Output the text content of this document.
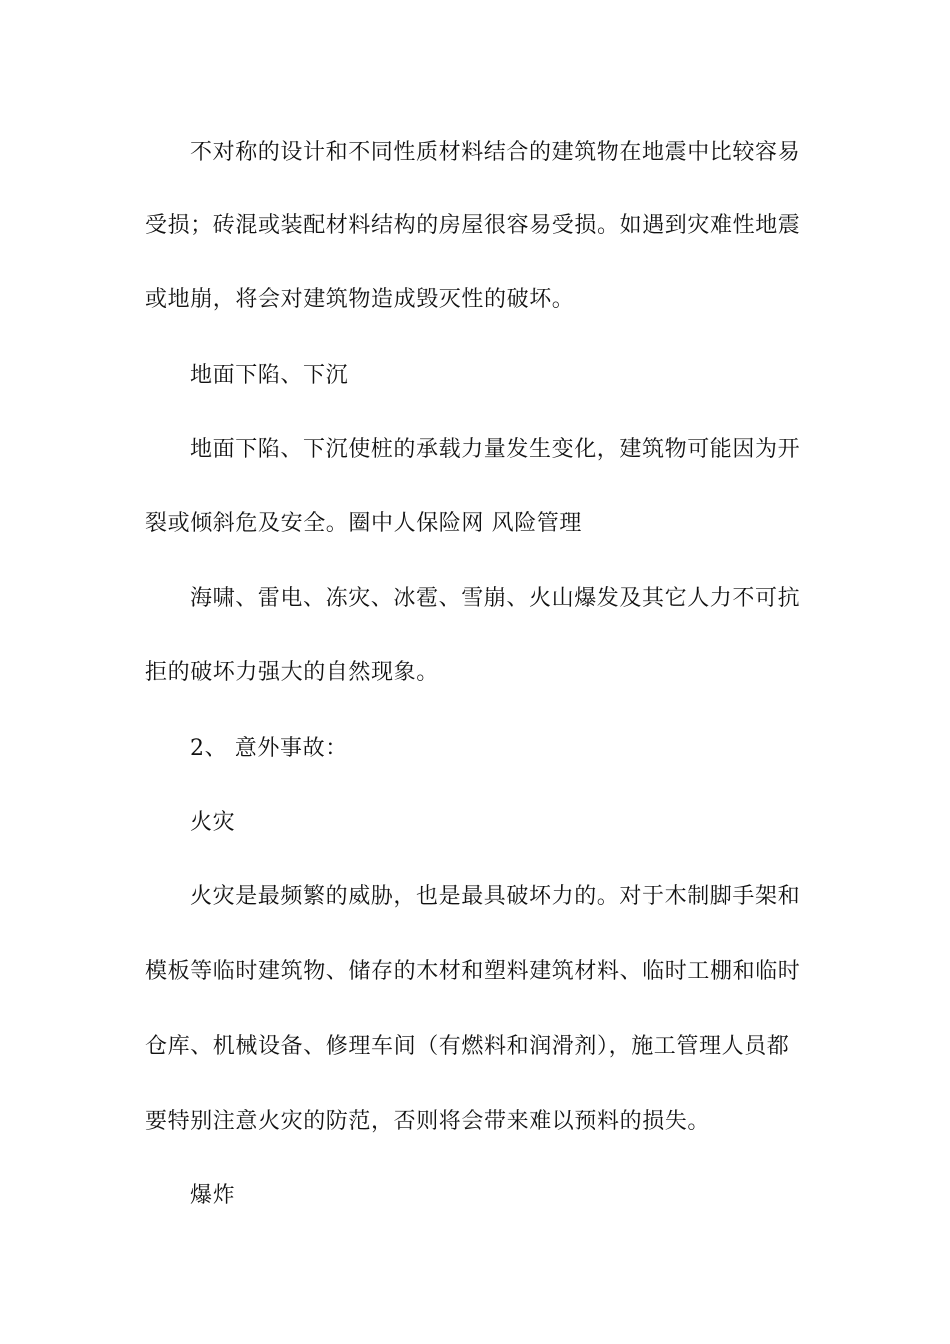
不对称的设计和不同性质材料结合的建筑物在地震中比较容易
受损；砖混或装配材料结构的房屋很容易受损。如遇到灾难性地震
或地崩，将会对建筑物造成毁灭性的破坏。
地面下陷、下沉
地面下陷、下沉使桩的承载力量发生变化，建筑物可能因为开
裂或倾斜危及安全。圈中人保险网 风险管理
海啸、雷电、冻灾、冰雹、雪崩、火山爆发及其它人力不可抗
拒的破坏力强大的自然现象。
2、 意外事故：
火灾
火灾是最频繁的威胁，也是最具破坏力的。对于木制脚手架和
模板等临时建筑物、储存的木材和塑料建筑材料、临时工棚和临时
仓库、机械设备、修理车间（有燃料和润滑剂），施工管理人员都
要特别注意火灾的防范，否则将会带来难以预料的损失。
爆炸
